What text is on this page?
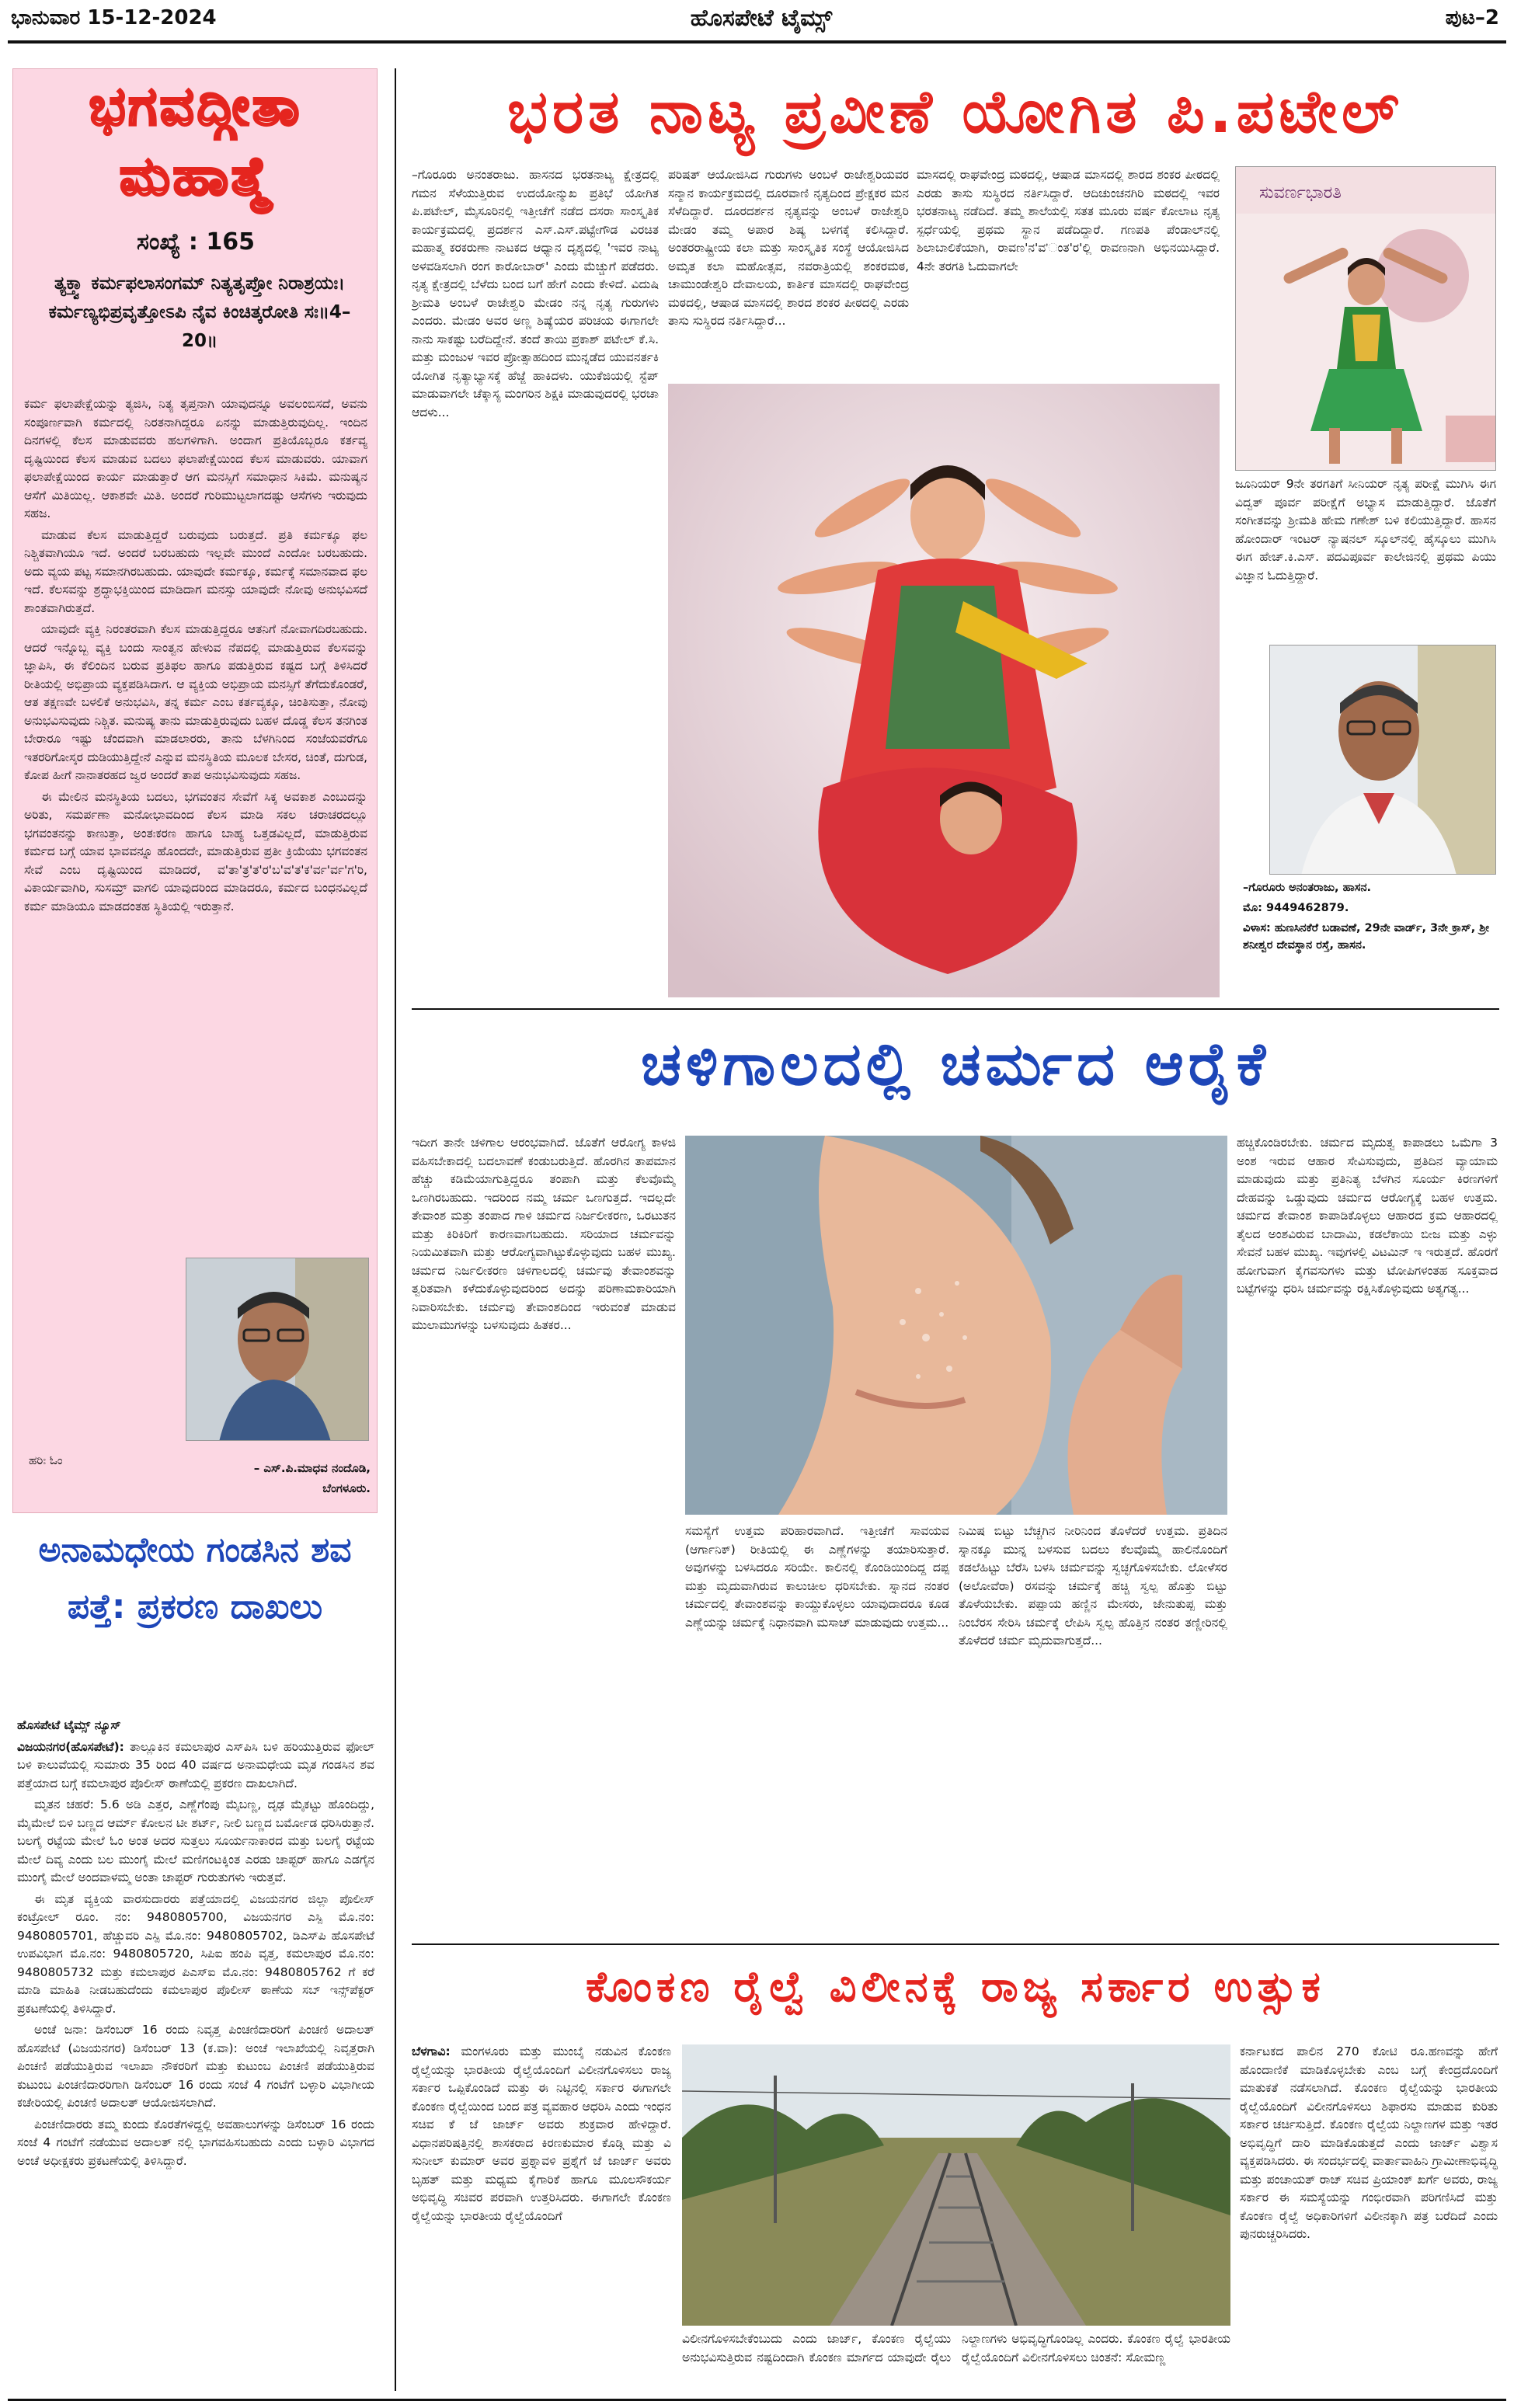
ಭಾನುವಾರ 15-12-2024	ಹೊಸಪೇಟೆ ಟೈಮ್ಸ್	ಪುಟ–2
ಭಗವದ್ಗೀತಾ
ಮಹಾತ್ಮೆ
ಸಂಖ್ಯೆ : 165
ತ್ಯಕ್ತ್ವಾ ಕರ್ಮಫಲಾಸಂಗಮ್ ನಿತ್ಯತೃಪ್ತೋ ನಿರಾಶ್ರಯಃ। ಕರ್ಮಣ್ಯಭಿಪ್ರವೃತ್ತೋಽಪಿ ನೈವ ಕಿಂಚಿತ್ಕರೋತಿ ಸಃ॥4–20॥

ಕರ್ಮ ಫಲಾಪೇಕ್ಷೆಯನ್ನು ತ್ಯಜಿಸಿ, ನಿತ್ಯ ತೃಪ್ತನಾಗಿ ಯಾವುದನ್ನೂ ಅವಲಂಬಿಸದೆ, ಅವನು ಸಂಪೂರ್ಣವಾಗಿ ಕರ್ಮದಲ್ಲಿ ನಿರತನಾಗಿದ್ದರೂ ಏನನ್ನು ಮಾಡುತ್ತಿರುವುದಿಲ್ಲ. ಇಂದಿನ ದಿನಗಳಲ್ಲಿ ಕೆಲಸ ಮಾಡುವವರು ಹಲಗಳಿಗಾಗಿ. ಅಂದಾಗ ಪ್ರತಿಯೊಬ್ಬರೂ ಕರ್ತವ್ಯ ದೃಷ್ಟಿಯಿಂದ ಕೆಲಸ ಮಾಡುವ ಬದಲು ಫಲಾಪೇಕ್ಷೆಯಿಂದ ಕೆಲಸ ಮಾಡುವರು. ಯಾವಾಗ ಫಲಾಪೇಕ್ಷೆಯಿಂದ ಕಾರ್ಯ ಮಾಡುತ್ತಾರೆ ಆಗ ಮನಸ್ಸಿಗೆ ಸಮಾಧಾನ ಸಿಕಿಮೆ. ಮನುಷ್ಯನ ಆಸೆಗೆ ಮಿತಿಯಿಲ್ಲ. ಆಕಾಶವೇ ಮಿತಿ. ಅಂದರೆ ಗುರಿಮುಟ್ಟಲಾಗದಷ್ಟು ಆಸೆಗಳು ಇರುವುದು ಸಹಜ.

ಮಾಡುವ ಕೆಲಸ ಮಾಡುತ್ತಿದ್ದರೆ ಬರುವುದು ಬರುತ್ತದೆ. ಪ್ರತಿ ಕರ್ಮಕ್ಕೂ ಫಲ ನಿಶ್ಚಿತವಾಗಿಯೂ ಇದೆ. ಅಂದರೆ ಬರಬಹುದು ಇಲ್ಲವೇ ಮುಂದೆ ಎಂದೋ ಬರಬಹುದು. ಅದು ವ್ಯಯ ಪಟ್ಟ ಸಮಾನಗಿರಬಹುದು. ಯಾವುದೇ ಕರ್ಮಕ್ಕೂ, ಕರ್ಮಕ್ಕೆ ಸಮಾನವಾದ ಫಲ ಇದೆ. ಕೆಲಸವನ್ನು ಶ್ರದ್ಧಾಭಕ್ತಿಯಿಂದ ಮಾಡಿದಾಗ ಮನಸ್ಸು ಯಾವುದೇ ನೋವು ಅನುಭವಿಸದೆ ಶಾಂತವಾಗಿರುತ್ತದೆ.

ಯಾವುದೇ ವ್ಯಕ್ತಿ ನಿರಂತರವಾಗಿ ಕೆಲಸ ಮಾಡುತ್ತಿದ್ದರೂ ಆತನಿಗೆ ನೋವಾಗದಿರಬಹುದು. ಆದರೆ ಇನ್ನೊಬ್ಬ ವ್ಯಕ್ತಿ ಬಂದು ಸಾಂತ್ವನ ಹೇಳುವ ನೆಪದಲ್ಲಿ ಮಾಡುತ್ತಿರುವ ಕೆಲಸವನ್ನು ಜ್ಞಾಪಿಸಿ, ಈ ಕೆಲಿಂದಿನ ಬರುವ ಪ್ರತಿಫಲ ಹಾಗೂ ಪಡುತ್ತಿರುವ ಕಷ್ಟದ ಬಗ್ಗೆ ತಿಳಿಸಿದರೆ ರೀತಿಯಲ್ಲಿ ಅಭಿಪ್ರಾಯ ವ್ಯಕ್ತಪಡಿಸಿದಾಗ. ಆ ವ್ಯಕ್ತಿಯ ಅಭಿಪ್ರಾಯ ಮನಸ್ಸಿಗೆ ತೆಗೆದುಕೊಂಡರೆ, ಆತ ತಕ್ಷಣವೇ ಬಳಲಿಕೆ ಅನುಭವಿಸಿ, ತನ್ನ ಕರ್ಮ ಎಂಬ ಕರ್ತವ್ಯಕ್ಕೂ, ಚಿಂತಿಸುತ್ತಾ, ನೋವು ಅನುಭವಿಸುವುದು ನಿಶ್ಚಿತ. ಮನುಷ್ಯ ತಾನು ಮಾಡುತ್ತಿರುವುದು ಬಹಳ ದೊಡ್ಡ ಕೆಲಸ ತನಗಿಂತ ಬೇರಾರೂ ಇಷ್ಟು ಚೆಂದವಾಗಿ ಮಾಡಲಾರರು, ತಾನು ಬೆಳಗಿನಿಂದ ಸಂಜೆಯವರೆಗೂ ಇತರರಿಗೋಸ್ಕರ ದುಡಿಯುತ್ತಿದ್ದೇನೆ ಎನ್ನುವ ಮನಸ್ಥಿತಿಯ ಮೂಲಕ ಬೇಸರ, ಚಿಂತೆ, ದುಗುಡ, ಕೋಪ ಹೀಗೆ ನಾನಾತರಹದ ಜ್ವರ ಅಂದರೆ ತಾಪ ಅನುಭವಿಸುವುದು ಸಹಜ.

ಈ ಮೇಲಿನ ಮನಸ್ಥಿತಿಯ ಬದಲು, ಭಗವಂತನ ಸೇವೆಗೆ ಸಿಕ್ಕ ಅವಕಾಶ ಎಂಬುದನ್ನು ಅರಿತು, ಸಮರ್ಪಣಾ ಮನೋಭಾವದಿಂದ ಕೆಲಸ ಮಾಡಿ ಸಕಲ ಚರಾಚರದಲ್ಲೂ ಭಗವಂತನನ್ನು ಕಾಣುತ್ತಾ, ಅಂತಃಕರಣ ಹಾಗೂ ಬಾಹ್ಯ ಒತ್ತಡವಿಲ್ಲದೆ, ಮಾಡುತ್ತಿರುವ ಕರ್ಮದ ಬಗ್ಗೆ ಯಾವ ಭಾವವನ್ನೂ ಹೊಂದದೇ, ಮಾಡುತ್ತಿರುವ ಪ್ರತೀ ಕ್ರಿಯೆಯು ಭಗವಂತನ ಸೇವೆ ಎಂಬ ದೃಷ್ಟಿಯಿಂದ ಮಾಡಿದರೆ, ವ'ತಾ'ತ್ರ'ತ'ರ'ಬ'ವ'ತ'ಕ'ರ್ವ'ರ್ವ'ಗ'ರಿ, ವಿಕಾರ್ಯವಾಗಿರಿ, ಸುಸಮ್ರ್ ವಾಗಲಿ ಯಾವುದರಿಂದ ಮಾಡಿದರೂ, ಕರ್ಮದ ಬಂಧನವಿಲ್ಲದೆ ಕರ್ಮ ಮಾಡಿಯೂ ಮಾಡದಂತಹ ಸ್ಥಿತಿಯಲ್ಲಿ ಇರುತ್ತಾನೆ.

ಹರಿಃ ಓಂ
– ಎಸ್.ಪಿ.ಮಾಧವ ನಂದೊಡಿ,
ಬೆಂಗಳೂರು.
ಅನಾಮಧೇಯ ಗಂಡಸಿನ ಶವ ಪತ್ತೆ: ಪ್ರಕರಣ ದಾಖಲು

ಹೊಸಪೇಟೆ ಟೈಮ್ಸ್ ನ್ಯೂಸ್

ವಿಜಯನಗರ(ಹೊಸಪೇಟೆ): ತಾಲ್ಲೂಕಿನ ಕಮಲಾಪುರ ಎಸ್‌ಪಿಸಿ ಬಳಿ ಹರಿಯುತ್ತಿರುವ ಫೋಲ್ ಬಳಿ ಕಾಲುವೆಯಲ್ಲಿ ಸುಮಾರು 35 ರಿಂದ 40 ವರ್ಷದ ಅನಾಮಧೇಯ ಮೃತ ಗಂಡಸಿನ ಶವ ಪತ್ತೆಯಾದ ಬಗ್ಗೆ ಕಮಲಾಪುರ ಪೊಲೀಸ್ ಠಾಣೆಯಲ್ಲಿ ಪ್ರಕರಣ ದಾಖಲಾಗಿದೆ.

ಮೃತನ ಚಹರೆ: 5.6 ಅಡಿ ಎತ್ತರ, ಎಣ್ಣೆಗೆಂಪು ಮೈಬಣ್ಣ, ದೃಢ ಮೈಕಟ್ಟು ಹೊಂದಿದ್ದು, ಮೈಮೇಲೆ ಬಿಳಿ ಬಣ್ಣದ ಆರ್ಮ್ ಕೋಲನ ಟೀ ಶರ್ಟ್, ನೀಲಿ ಬಣ್ಣದ ಬರ್ಮೋಡ ಧರಿಸಿರುತ್ತಾನೆ. ಬಲಗೈ ರಟ್ಟೆಯ ಮೇಲೆ ಓಂ ಅಂತ ಅದರ ಸುತ್ತಲು ಸೂರ್ಯನಾಕಾರದ ಮತ್ತು ಬಲಗೈ ರಟ್ಟೆಯ ಮೇಲೆ ದಿವ್ಯ ಎಂದು ಬಲ ಮುಂಗೈ ಮೇಲೆ ಮಣಿಗಂಟಕ್ಕಿಂತ ಎರಡು ಚಾಪ್ಟರ್ ಹಾಗೂ ಎಡಗೈನ ಮುಂಗೈ ಮೇಲೆ ಅಂದವಾಳಮ್ಮ ಅಂತಾ ಚಾಪ್ಟರ್ ಗುರುತುಗಳು ಇರುತ್ತವೆ.

ಈ ಮೃತ ವ್ಯಕ್ತಿಯ ವಾರಸುದಾರರು ಪತ್ತೆಯಾದಲ್ಲಿ ವಿಜಯನಗರ ಜಿಲ್ಲಾ ಪೊಲೀಸ್ ಕಂಟ್ರೋಲ್ ರೂಂ. ನಂ: 9480805700, ವಿಜಯನಗರ ಎಸ್ಪಿ ಮೊ.ನಂ: 9480805701, ಹೆಚ್ಚುವರಿ ಎಸ್ಪಿ ಮೊ.ನಂ: 9480805702, ಡಿಎಸ್‌ಪಿ ಹೊಸಪೇಟೆ ಉಪವಿಭಾಗ ಮೊ.ನಂ: 9480805720, ಸಿಪಿಐ ಹಂಪಿ ವೃತ್ತ, ಕಮಲಾಪುರ ಮೊ.ನಂ: 9480805732 ಮತ್ತು ಕಮಲಾಪುರ ಪಿಎಸ್ಐ ಮೊ.ನಂ: 9480805762 ಗೆ ಕರೆ ಮಾಡಿ ಮಾಹಿತಿ ನೀಡಬಹುದೆಂದು ಕಮಲಾಪುರ ಪೊಲೀಸ್ ಠಾಣೆಯ ಸಬ್ ಇನ್ಸ್‌ಪೆಕ್ಟರ್ ಪ್ರಕಟಣೆಯಲ್ಲಿ ತಿಳಿಸಿದ್ದಾರೆ.

ಅಂಚೆ ಜನಾ: ಡಿಸೆಂಬರ್ 16 ರಂದು ನಿವೃತ್ತ ಪಿಂಚಣಿದಾರರಿಗೆ ಪಿಂಚಣಿ ಅದಾಲತ್ ಹೊಸಪೇಟೆ (ವಿಜಯನಗರ) ಡಿಸೆಂಬರ್ 13 (ಕ.ವಾ): ಅಂಚೆ ಇಲಾಖೆಯಲ್ಲಿ ನಿವೃತ್ತರಾಗಿ ಪಿಂಚಣಿ ಪಡೆಯುತ್ತಿರುವ ಇಲಾಖಾ ನೌಕರರಿಗೆ ಮತ್ತು ಕುಟುಂಬ ಪಿಂಚಣಿ ಪಡೆಯುತ್ತಿರುವ ಕುಟುಂಬ ಪಿಂಚಣಿದಾರರಿಗಾಗಿ ಡಿಸೆಂಬರ್ 16 ರಂದು ಸಂಜೆ 4 ಗಂಟೆಗೆ ಬಳ್ಳಾರಿ ವಿಭಾಗೀಯ ಕಚೇರಿಯಲ್ಲಿ ಪಿಂಚಣಿ ಅದಾಲತ್ ಆಯೋಜಿಸಲಾಗಿದೆ.

ಪಿಂಚಣಿದಾರರು ತಮ್ಮ ಕುಂದು ಕೊರತೆಗಳಿದ್ದಲ್ಲಿ ಅವಹಾಲುಗಳನ್ನು ಡಿಸೆಂಬರ್ 16 ರಂದು ಸಂಜೆ 4 ಗಂಟೆಗೆ ನಡೆಯುವ ಅದಾಲತ್ ನಲ್ಲಿ ಭಾಗವಹಿಸಬಹುದು ಎಂದು ಬಳ್ಳಾರಿ ವಿಭಾಗದ ಅಂಚೆ ಅಧೀಕ್ಷಕರು ಪ್ರಕಟಣೆಯಲ್ಲಿ ತಿಳಿಸಿದ್ದಾರೆ.

ಭರತ ನಾಟ್ಯ ಪ್ರವೀಣೆ ಯೋಗಿತ ಪಿ.ಪಟೇಲ್
–ಗೊರೂರು ಅನಂತರಾಜು. ಹಾಸನದ ಭರತನಾಟ್ಯ ಕ್ಷೇತ್ರದಲ್ಲಿ ಗಮನ ಸೆಳೆಯುತ್ತಿರುವ ಉದಯೋನ್ಮುಖ ಪ್ರತಿಭೆ ಯೋಗಿತ ಪಿ.ಪಟೇಲ್, ಮೈಸೂರಿನಲ್ಲಿ ಇತ್ತೀಚೆಗೆ ನಡೆದ ದಸರಾ ಸಾಂಸ್ಕೃತಿಕ ಕಾರ್ಯಕ್ರಮದಲ್ಲಿ ಪ್ರದರ್ಶನ ಎಸ್.ಎಸ್.ಪಟ್ಟೇಗೌಡ ವಿರಚಿತ ಮಹಾತ್ಮ ಕರಕರುಣಾ ನಾಟಕದ ಆಧ್ಯಾನ ದೃಶ್ಯದಲ್ಲಿ 'ಇವರ ನಾಟ್ಯ ಅಳವಡಿಸಲಾಗಿ ರಂಗ ಕಾರೋಬಾರ್' ಎಂದು ಮೆಚ್ಚುಗೆ ಪಡೆದರು. ನೃತ್ಯ ಕ್ಷೇತ್ರದಲ್ಲಿ ಬೆಳೆದು ಬಂದ ಬಗೆ ಹೇಗೆ ಎಂದು ಕೇಳಿದೆ. ವಿದುಷಿ ಶ್ರೀಮತಿ ಅಂಬಳೆ ರಾಜೇಶ್ವರಿ ಮೇಡಂ ನನ್ನ ನೃತ್ಯ ಗುರುಗಳು ಎಂದರು. ಮೇಡಂ ಅವರ ಅಣ್ಣ ಶಿಷ್ಯೆಯರ ಪರಿಚಯ ಈಗಾಗಲೇ ನಾನು ಸಾಕಷ್ಟು ಬರೆದಿದ್ದೇನೆ. ತಂದೆ ತಾಯಿ ಪ್ರಕಾಶ್ ಪಟೇಲ್ ಕೆ.ಸಿ. ಮತ್ತು ಮಂಜುಳ ಇವರ ಪ್ರೋತ್ಸಾಹದಿಂದ ಮುನ್ನಡೆದ ಯುವನರ್ತಕಿ ಯೋಗಿತ ನೃತ್ಯಾಭ್ಯಾಸಕ್ಕೆ ಹೆಜ್ಜೆ ಹಾಕಿದಳು. ಯುಕೆಜಿಯಲ್ಲಿ ಸ್ಟೆಪ್ ಮಾಡುವಾಗಲೇ ಚೆಕ್ಕಾಸ್ಯ ಮಂಗರಿನ ಶಿಕ್ಷಕಿ ಮಾಡುವುದರಲ್ಲಿ ಭರಚಾ ಆದಳು...
ಪರಿಷತ್ ಆಯೋಜಿಸಿದ ಗುರುಗಳು ಅಂಬಳೆ ರಾಜೇಶ್ವರಿಯವರ ಸನ್ಮಾನ ಕಾರ್ಯಕ್ರಮದಲ್ಲಿ ದೂರವಾಣಿ ನೃತ್ಯದಿಂದ ಪ್ರೇಕ್ಷಕರ ಮನ ಸೆಳೆದಿದ್ದಾರೆ. ದೂರದರ್ಶನ ನೃತ್ಯವನ್ನು ಅಂಬಳೆ ರಾಜೇಶ್ವರಿ ಮೇಡಂ ತಮ್ಮ ಅಪಾರ ಶಿಷ್ಯ ಬಳಗಕ್ಕೆ ಕಲಿಸಿದ್ದಾರೆ. ಅಂತರರಾಷ್ಟ್ರೀಯ ಕಲಾ ಮತ್ತು ಸಾಂಸ್ಕೃತಿಕ ಸಂಸ್ಥೆ ಆಯೋಜಿಸಿದ ಅಮೃತ ಕಲಾ ಮಹೋತ್ಸವ, ನವರಾತ್ರಿಯಲ್ಲಿ ಶಂಕರಮಠ, ಚಾಮುಂಡೇಶ್ವರಿ ದೇವಾಲಯ, ಕಾರ್ತಿಕ ಮಾಸದಲ್ಲಿ ರಾಘವೇಂದ್ರ ಮಠದಲ್ಲಿ, ಆಷಾಡ ಮಾಸದಲ್ಲಿ ಶಾರದ ಶಂಕರ ಪೀಠದಲ್ಲಿ ಎರಡು ತಾಸು ಸುಸ್ಥಿರದ ನರ್ತಿಸಿದ್ದಾರೆ...
ಮಾಸದಲ್ಲಿ ರಾಘವೇಂದ್ರ ಮಠದಲ್ಲಿ, ಆಷಾಡ ಮಾಸದಲ್ಲಿ ಶಾರದ ಶಂಕರ ಪೀಠದಲ್ಲಿ ಎರಡು ತಾಸು ಸುಸ್ಥಿರದ ನರ್ತಿಸಿದ್ದಾರೆ. ಆದಿಚುಂಚನಗಿರಿ ಮಠದಲ್ಲಿ ಇವರ ಭರತನಾಟ್ಯ ನಡೆದಿದೆ. ತಮ್ಮ ಶಾಲೆಯಲ್ಲಿ ಸತತ ಮೂರು ವರ್ಷ ಕೋಲಾಟ ನೃತ್ಯ ಸ್ಪರ್ಧೆಯಲ್ಲಿ ಪ್ರಥಮ ಸ್ಥಾನ ಪಡೆದಿದ್ದಾರೆ. ಗಣಪತಿ ಪೆಂಡಾಲ್‌ನಲ್ಲಿ ಶಿಲಾಬಾಲಿಕೆಯಾಗಿ, ರಾವಣ'ನ'ವ'ಂತ'ರ'ಲ್ಲಿ ರಾವಣನಾಗಿ ಅಭಿನಯಿಸಿದ್ದಾರೆ. 4ನೇ ತರಗತಿ ಓದುವಾಗಲೇ
ಸುವರ್ಣಭಾರತಿ
ಜೂನಿಯರ್ 9ನೇ ತರಗತಿಗೆ ಸೀನಿಯರ್ ನೃತ್ಯ ಪರೀಕ್ಷೆ ಮುಗಿಸಿ ಈಗ ವಿದ್ವತ್ ಪೂರ್ವ ಪರೀಕ್ಷೆಗೆ ಅಭ್ಯಾಸ ಮಾಡುತ್ತಿದ್ದಾರೆ. ಜೊತೆಗೆ ಸಂಗೀತವನ್ನು ಶ್ರೀಮತಿ ಹೇಮ ಗಣೇಶ್ ಬಳಿ ಕಲಿಯುತ್ತಿದ್ದಾರೆ. ಹಾಸನ ಹೋಂದಾರ್ ಇಂಟರ್ ನ್ಯಾಷನಲ್ ಸ್ಕೂಲ್‌ನಲ್ಲಿ ಹೈಸ್ಕೂಲು ಮುಗಿಸಿ ಈಗ ಹೇಚ್.ಕಿ.ಎಸ್. ಪದವಿಪೂರ್ವ ಕಾಲೇಜಿನಲ್ಲಿ ಪ್ರಥಮ ಪಿಯು ವಿಜ್ಞಾನ ಓದುತ್ತಿದ್ದಾರೆ.
–ಗೊರೂರು ಅನಂತರಾಜು, ಹಾಸನ.
ಮೊ: 9449462879.
ವಿಳಾಸ: ಹುಣಸಿನಕೆರೆ ಬಡಾವಣೆ, 29ನೇ ವಾರ್ಡ್, 3ನೇ ಕ್ರಾಸ್, ಶ್ರೀ ಶನೀಶ್ವರ ದೇವಸ್ಥಾನ ರಸ್ತೆ, ಹಾಸನ.
ಚಳಿಗಾಲದಲ್ಲಿ ಚರ್ಮದ ಆರೈಕೆ
ಇದೀಗ ತಾನೇ ಚಳಿಗಾಲ ಆರಂಭವಾಗಿದೆ. ಜೊತೆಗೆ ಆರೋಗ್ಯ ಕಾಳಜಿ ವಹಿಸಬೇಕಾದಲ್ಲಿ ಬದಲಾವಣೆ ಕಂಡುಬರುತ್ತಿದೆ. ಹೊರಗಿನ ತಾಪಮಾನ ಹೆಚ್ಚು ಕಡಿಮೆಯಾಗುತ್ತಿದ್ದರೂ ತಂಪಾಗಿ ಮತ್ತು ಕೆಲವೊಮ್ಮೆ ಒಣಗಿರಬಹುದು. ಇದರಿಂದ ನಮ್ಮ ಚರ್ಮ ಒಣಗುತ್ತದೆ. ಇದಲ್ಲದೇ ತೇವಾಂಶ ಮತ್ತು ತಂಪಾದ ಗಾಳಿ ಚರ್ಮದ ನಿರ್ಜಲೀಕರಣ, ಒರಟುತನ ಮತ್ತು ಕಿರಿಕಿರಿಗೆ ಕಾರಣವಾಗಬಹುದು. ಸರಿಯಾದ ಚರ್ಮವನ್ನು ನಿಯಮಿತವಾಗಿ ಮತ್ತು ಆರೋಗ್ಯವಾಗಿಟ್ಟುಕೊಳ್ಳುವುದು ಬಹಳ ಮುಖ್ಯ. ಚರ್ಮದ ನಿರ್ಜಲೀಕರಣ ಚಳಿಗಾಲದಲ್ಲಿ ಚರ್ಮವು ತೇವಾಂಶವನ್ನು ತ್ವರಿತವಾಗಿ ಕಳೆದುಕೊಳ್ಳುವುದರಿಂದ ಅದನ್ನು ಪರಿಣಾಮಕಾರಿಯಾಗಿ ನಿವಾರಿಸಬೇಕು. ಚರ್ಮವು ತೇವಾಂಶದಿಂದ ಇರುವಂತೆ ಮಾಡುವ ಮುಲಾಮುಗಳನ್ನು ಬಳಸುವುದು ಹಿತಕರ...
ಸಮಸ್ಯೆಗೆ ಉತ್ತಮ ಪರಿಹಾರವಾಗಿದೆ. ಇತ್ತೀಚೆಗೆ ಸಾವಯವ (ಆರ್ಗಾನಿಕ್) ರೀತಿಯಲ್ಲಿ ಈ ಎಣ್ಣೆಗಳನ್ನು ತಯಾರಿಸುತ್ತಾರೆ. ಅವುಗಳನ್ನು ಬಳಸಿದರೂ ಸರಿಯೇ. ಕಾಲಿನಲ್ಲಿ ಕೊಂಡಿಯಿಂದಿದ್ದ ದಪ್ಪ ಮತ್ತು ಮೃದುವಾಗಿರುವ ಕಾಲುಚೀಲ ಧರಿಸಬೇಕು. ಸ್ನಾನದ ನಂತರ ಚರ್ಮದಲ್ಲಿ ತೇವಾಂಶವನ್ನು ಕಾಯ್ದುಕೊಳ್ಳಲು ಯಾವುದಾದರೂ ಕೂಡ ಎಣ್ಣೆಯನ್ನು ಚರ್ಮಕ್ಕೆ ನಿಧಾನವಾಗಿ ಮಸಾಜ್ ಮಾಡುವುದು ಉತ್ತಮ...
ನಿಮಿಷ ಬಿಟ್ಟು ಬೆಚ್ಚಗಿನ ನೀರಿನಿಂದ ತೊಳೆದರೆ ಉತ್ತಮ. ಪ್ರತಿದಿನ ಸ್ನಾನಕ್ಕೂ ಮುನ್ನ ಬಳಸುವ ಬದಲು ಕೆಲವೊಮ್ಮೆ ಹಾಲಿನೊಂದಿಗೆ ಕಡಲೆಹಿಟ್ಟು ಬೆರೆಸಿ ಬಳಸಿ ಚರ್ಮವನ್ನು ಸ್ವಚ್ಛಗೊಳಿಸಬೇಕು. ಲೋಳೆಸರ (ಅಲೋವೆರಾ) ರಸವನ್ನು ಚರ್ಮಕ್ಕೆ ಹಚ್ಚಿ ಸ್ವಲ್ಪ ಹೊತ್ತು ಬಿಟ್ಟು ತೊಳೆಯಬೇಕು. ಪಪ್ಪಾಯ ಹಣ್ಣಿನ ಮೇಸರು, ಜೇನುತುಪ್ಪ ಮತ್ತು ನಿಂಬೆರಸ ಸೇರಿಸಿ ಚರ್ಮಕ್ಕೆ ಲೇಪಿಸಿ ಸ್ವಲ್ಪ ಹೊತ್ತಿನ ನಂತರ ತಣ್ಣೀರಿನಲ್ಲಿ ತೊಳೆದರೆ ಚರ್ಮ ಮೃದುವಾಗುತ್ತದೆ...
ಹಚ್ಚಿಕೊಂಡಿರಬೇಕು. ಚರ್ಮದ ಮೃದುತ್ವ ಕಾಪಾಡಲು ಒಮೆಗಾ 3 ಅಂಶ ಇರುವ ಆಹಾರ ಸೇವಿಸುವುದು, ಪ್ರತಿದಿನ ವ್ಯಾಯಾಮ ಮಾಡುವುದು ಮತ್ತು ಪ್ರತಿನಿತ್ಯ ಬೆಳಗಿನ ಸೂರ್ಯ ಕಿರಣಗಳಿಗೆ ದೇಹವನ್ನು ಒಡ್ಡುವುದು ಚರ್ಮದ ಆರೋಗ್ಯಕ್ಕೆ ಬಹಳ ಉತ್ತಮ. ಚರ್ಮದ ತೇವಾಂಶ ಕಾಪಾಡಿಕೊಳ್ಳಲು ಆಹಾರದ ಕ್ರಮ ಆಹಾರದಲ್ಲಿ ತೈಲದ ಅಂಶವಿರುವ ಬಾದಾಮಿ, ಕಡಲೆಕಾಯಿ ಬೀಜ ಮತ್ತು ಎಳ್ಳು ಸೇವನೆ ಬಹಳ ಮುಖ್ಯ. ಇವುಗಳಲ್ಲಿ ವಿಟಮಿನ್ ಇ ಇರುತ್ತದೆ. ಹೊರಗೆ ಹೋಗುವಾಗ ಕೈಗವಸುಗಳು ಮತ್ತು ಟೋಪಿಗಳಂತಹ ಸೂಕ್ತವಾದ ಬಟ್ಟೆಗಳನ್ನು ಧರಿಸಿ ಚರ್ಮವನ್ನು ರಕ್ಷಿಸಿಕೊಳ್ಳುವುದು ಅತ್ಯಗತ್ಯ...
ಕೊಂಕಣ ರೈಲ್ವೆ ವಿಲೀನಕ್ಕೆ ರಾಜ್ಯ ಸರ್ಕಾರ ಉತ್ಸುಕ

ಬೆಳಗಾವಿ: ಮಂಗಳೂರು ಮತ್ತು ಮುಂಬೈ ನಡುವಿನ ಕೊಂಕಣ ರೈಲ್ವೆಯನ್ನು ಭಾರತೀಯ ರೈಲ್ವೆಯೊಂದಿಗೆ ವಿಲೀನಗೊಳಿಸಲು ರಾಜ್ಯ ಸರ್ಕಾರ ಒಪ್ಪಿಕೊಂಡಿದೆ ಮತ್ತು ಈ ನಿಟ್ಟಿನಲ್ಲಿ ಸರ್ಕಾರ ಈಗಾಗಲೇ ಕೊಂಕಣ ರೈಲ್ವೆಯಿಂದ ಬಂದ ಪತ್ರ ವ್ಯವಹಾರ ಆಧರಿಸಿ ಎಂದು ಇಂಧನ ಸಚಿವ ಕೆ ಜೆ ಜಾರ್ಜ್ ಅವರು ಶುಕ್ರವಾರ ಹೇಳಿದ್ದಾರೆ. ವಿಧಾನಪರಿಷತ್ತಿನಲ್ಲಿ ಶಾಸಕರಾದ ಕಿರಣಕುಮಾರ ಕೊಡ್ಗಿ ಮತ್ತು ವಿ ಸುನೀಲ್ ಕುಮಾರ್ ಅವರ ಪ್ರಶ್ನಾವಳಿ ಪ್ರಶ್ನೆಗೆ ಜೆ ಜಾರ್ಜ್ ಅವರು ಬೃಹತ್ ಮತ್ತು ಮಧ್ಯಮ ಕೈಗಾರಿಕೆ ಹಾಗೂ ಮೂಲಸೌಕರ್ಯ ಅಭಿವೃದ್ಧಿ ಸಚಿವರ ಪರವಾಗಿ ಉತ್ತರಿಸಿದರು. ಈಗಾಗಲೇ ಕೊಂಕಣ ರೈಲ್ವೆಯನ್ನು ಭಾರತೀಯ ರೈಲ್ವೆಯೊಂದಿಗೆ

ವಿಲೀನಗೊಳಿಸಬೇಕೆಂಬುದು ಎಂದು ಜಾರ್ಜ್, ಕೊಂಕಣ ರೈಲ್ವೆಯು ಅನುಭವಿಸುತ್ತಿರುವ ನಷ್ಟದಿಂದಾಗಿ ಕೊಂಕಣ ಮಾರ್ಗದ ಯಾವುದೇ ರೈಲು ನಿಲ್ದಾಣಗಳು ಅಭಿವೃದ್ಧಿಗೊಂಡಿಲ್ಲ ಎಂದರು. ಕೊಂಕಣ ರೈಲ್ವೆ ಭಾರತೀಯ ರೈಲ್ವೆಯೊಂದಿಗೆ ವಿಲೀನಗೊಳಿಸಲು ಚಿಂತನೆ: ಸೋಮಣ್ಣ
ಕರ್ನಾಟಕದ ಪಾಲಿನ 270 ಕೋಟಿ ರೂ.ಹಣವನ್ನು ಹೇಗೆ ಹೊಂದಾಣಿಕೆ ಮಾಡಿಕೊಳ್ಳಬೇಕು ಎಂಬ ಬಗ್ಗೆ ಕೇಂದ್ರದೊಂದಿಗೆ ಮಾತುಕತೆ ನಡೆಸಲಾಗಿದೆ. ಕೊಂಕಣ ರೈಲ್ವೆಯನ್ನು ಭಾರತೀಯ ರೈಲ್ವೆಯೊಂದಿಗೆ ವಿಲೀನಗೊಳಿಸಲು ಶಿಫಾರಸು ಮಾಡುವ ಕುರಿತು ಸರ್ಕಾರ ಚರ್ಚಿಸುತ್ತಿದೆ. ಕೊಂಕಣ ರೈಲ್ವೆಯ ನಿಲ್ದಾಣಗಳ ಮತ್ತು ಇತರ ಅಭಿವೃದ್ಧಿಗೆ ದಾರಿ ಮಾಡಿಕೊಡುತ್ತದೆ ಎಂದು ಜಾರ್ಜ್ ವಿಶ್ವಾಸ ವ್ಯಕ್ತಪಡಿಸಿದರು. ಈ ಸಂದರ್ಭದಲ್ಲಿ ವಾರ್ತಾವಾಹಿನಿ ಗ್ರಾಮೀಣಾಭಿವೃದ್ಧಿ ಮತ್ತು ಪಂಚಾಯತ್ ರಾಜ್ ಸಚಿವ ಪ್ರಿಯಾಂಕ್ ಖರ್ಗೆ ಅವರು, ರಾಜ್ಯ ಸರ್ಕಾರ ಈ ಸಮಸ್ಯೆಯನ್ನು ಗಂಭೀರವಾಗಿ ಪರಿಗಣಿಸಿದೆ ಮತ್ತು ಕೊಂಕಣ ರೈಲ್ವೆ ಅಧಿಕಾರಿಗಳಿಗೆ ವಿಲೀನಕ್ಕಾಗಿ ಪತ್ರ ಬರೆದಿದೆ ಎಂದು ಪುನರುಚ್ಚರಿಸಿದರು.
